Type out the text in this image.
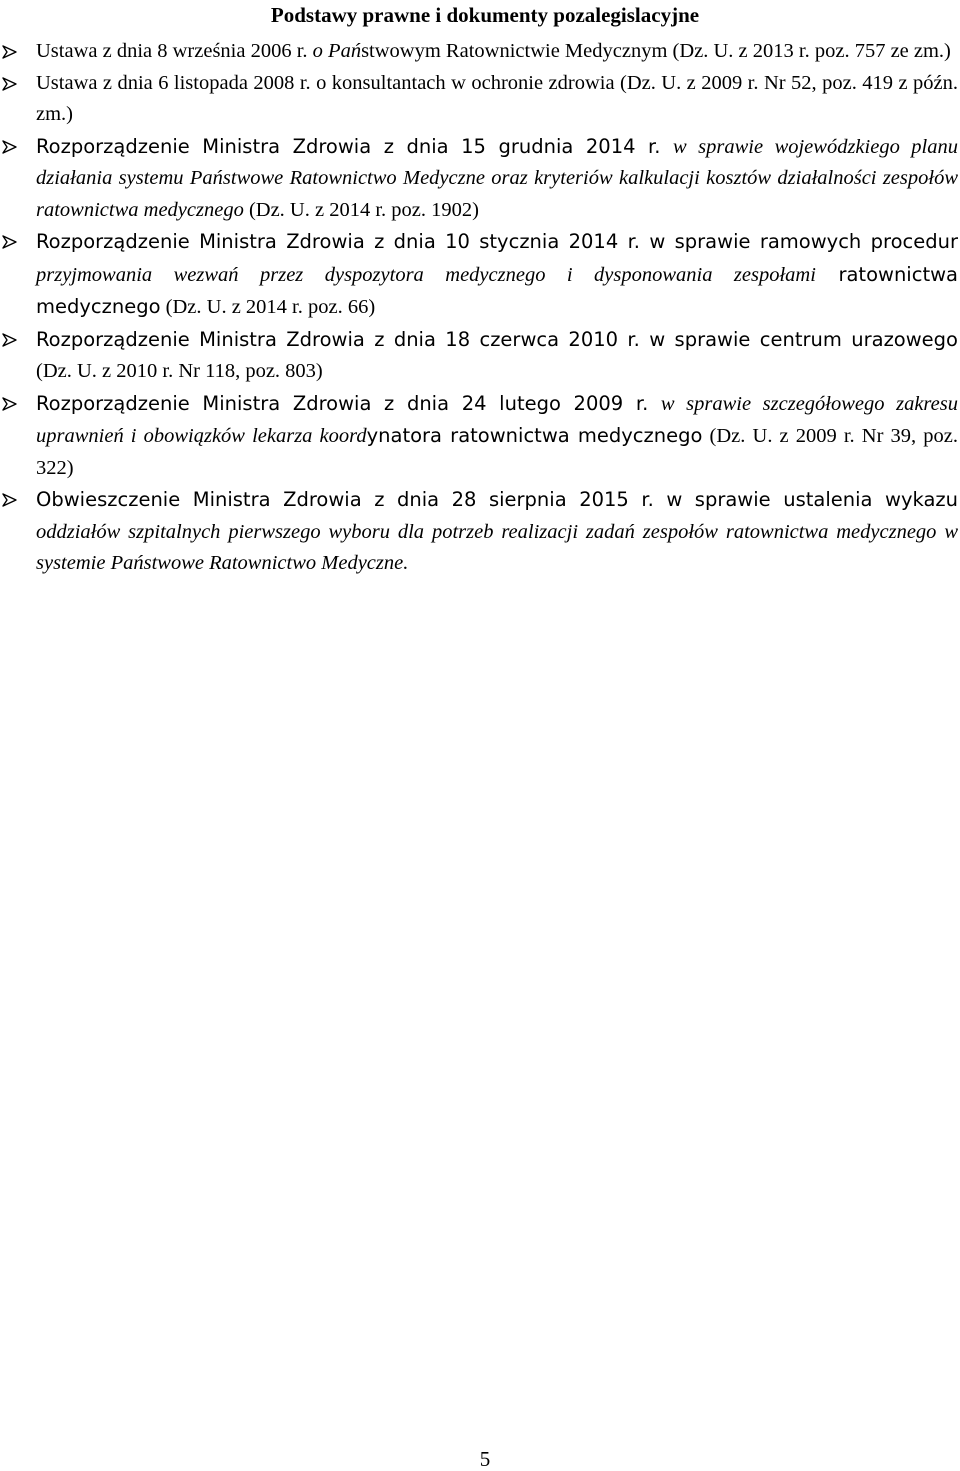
Podstawy prawne i dokumenty pozalegislacyjne
Ustawa z dnia 8 września 2006 r. o Państwowym Ratownictwie Medycznym (Dz. U. z 2013 r. poz. 757 ze zm.)
Ustawa z dnia 6 listopada 2008 r. o konsultantach w ochronie zdrowia (Dz. U. z 2009 r. Nr 52, poz. 419 z późn. zm.)
Rozporządzenie Ministra Zdrowia z dnia 15 grudnia 2014 r. w sprawie wojewódzkiego planu działania systemu Państwowe Ratownictwo Medyczne oraz kryteriów kalkulacji kosztów działalności zespołów ratownictwa medycznego (Dz. U. z 2014 r. poz. 1902)
Rozporządzenie Ministra Zdrowia z dnia 10 stycznia 2014 r. w sprawie ramowych procedur przyjmowania wezwań przez dyspozytora medycznego i dysponowania zespołami ratownictwa medycznego (Dz. U. z 2014 r. poz. 66)
Rozporządzenie Ministra Zdrowia z dnia 18 czerwca 2010 r. w sprawie centrum urazowego (Dz. U. z 2010 r. Nr 118, poz. 803)
Rozporządzenie Ministra Zdrowia z dnia 24 lutego 2009 r. w sprawie szczegółowego zakresu uprawnień i obowiązków lekarza koordynatora ratownictwa medycznego (Dz. U. z 2009 r. Nr 39, poz. 322)
Obwieszczenie Ministra Zdrowia z dnia 28 sierpnia 2015 r. w sprawie ustalenia wykazu oddziałów szpitalnych pierwszego wyboru dla potrzeb realizacji zadań zespołów ratownictwa medycznego w systemie Państwowe Ratownictwo Medyczne.
5
